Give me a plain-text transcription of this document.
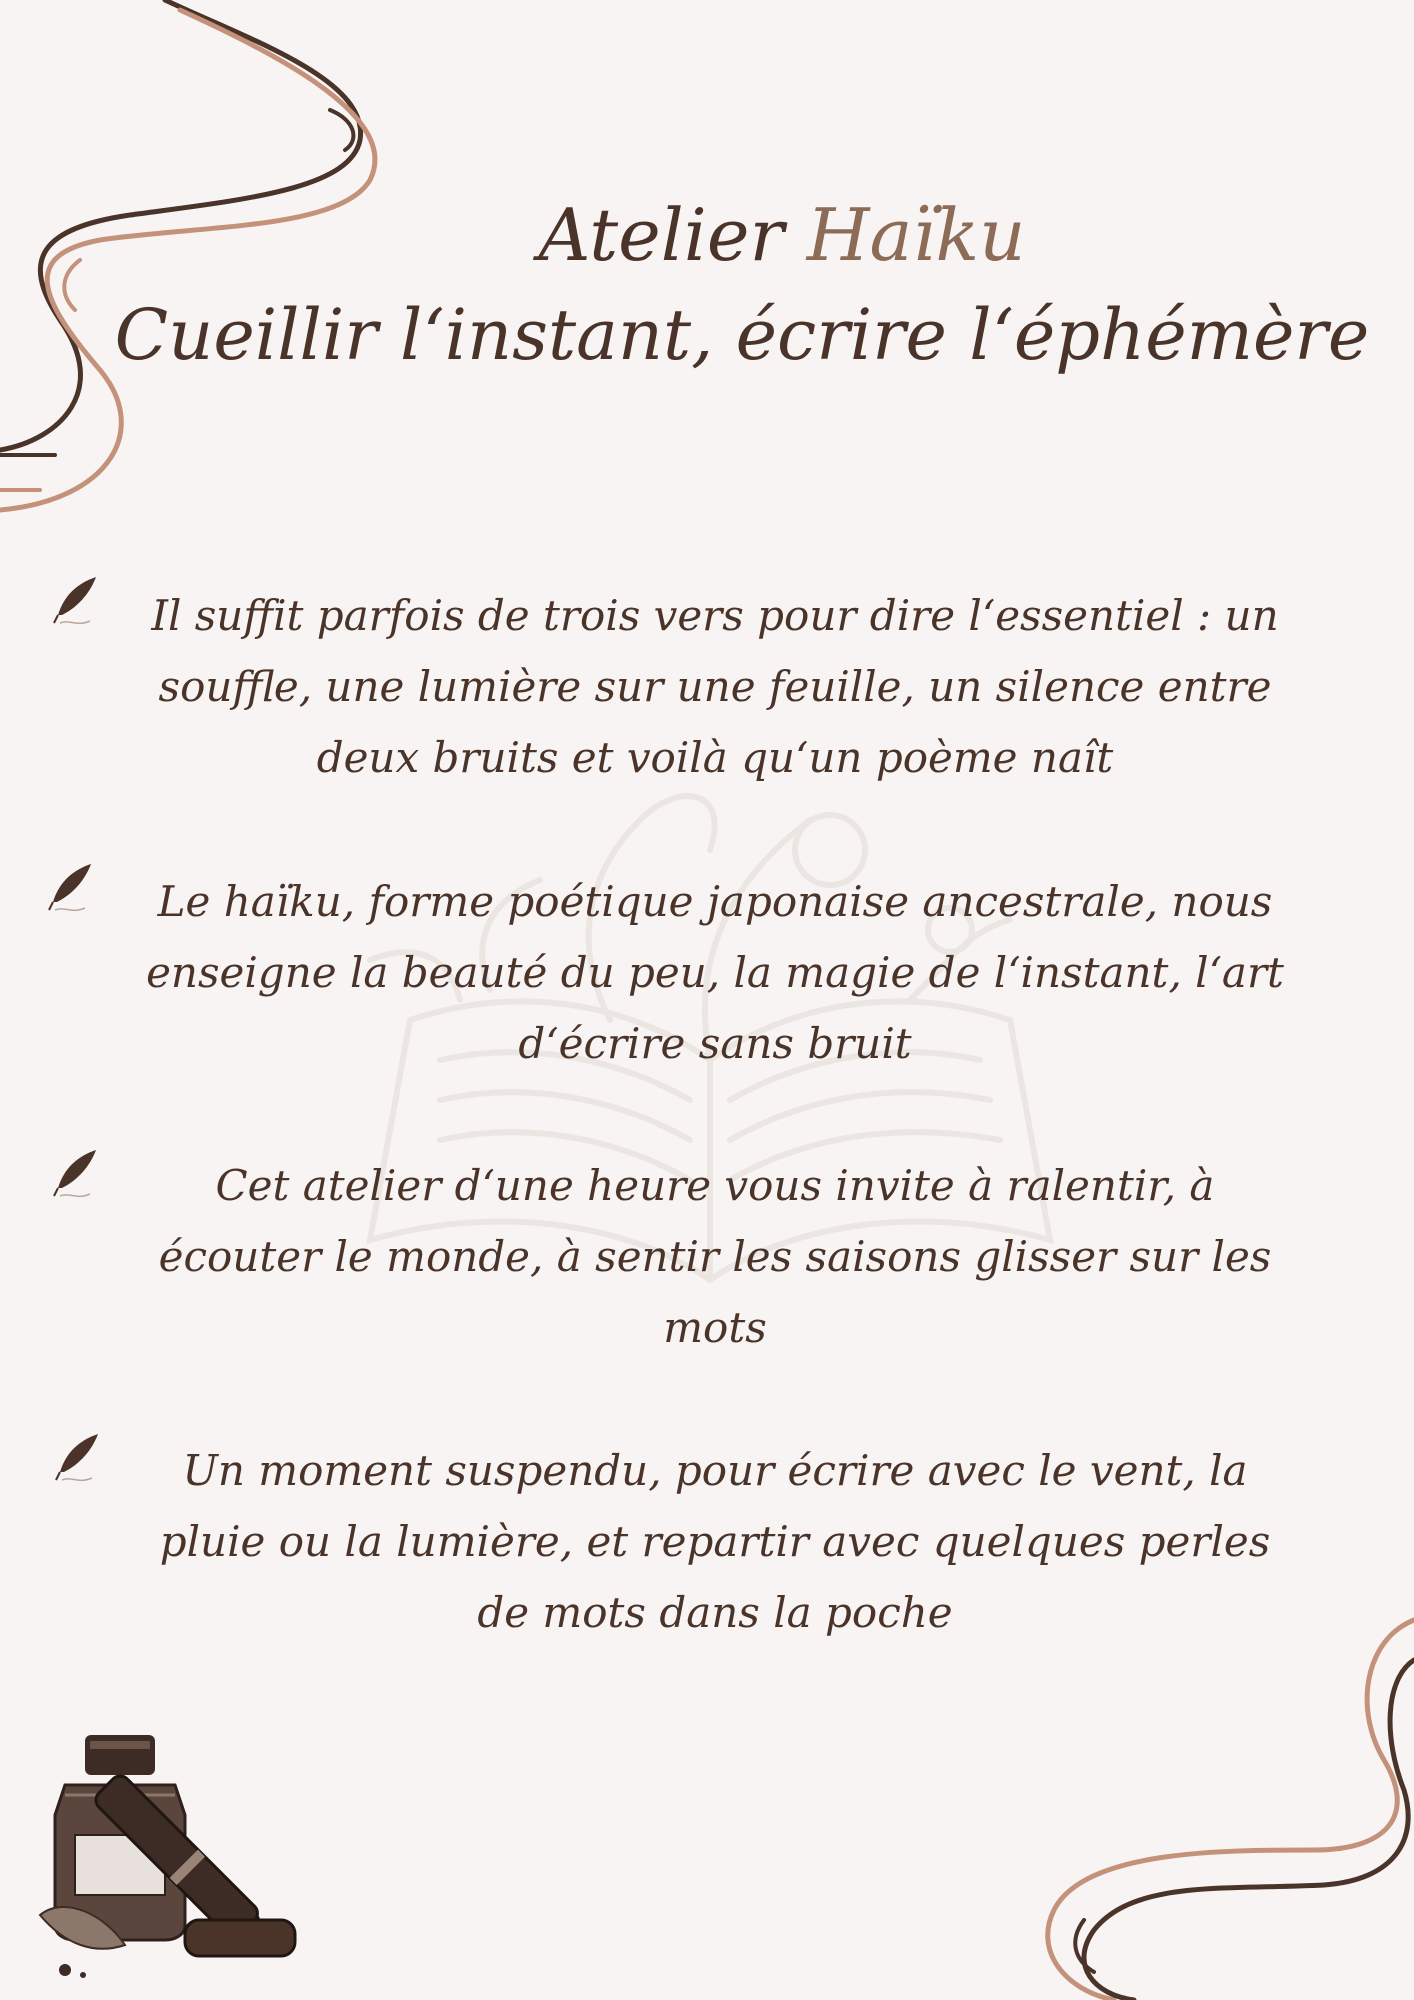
Atelier Haïku
Cueillir l‘instant, écrire l‘éphémère
Il suffit parfois de trois vers pour dire l‘essentiel : un souffle, une lumière sur une feuille, un silence entre deux bruits et voilà qu‘un poème naît
Le haïku, forme poétique japonaise ancestrale, nous enseigne la beauté du peu, la magie de l‘instant, l‘art d‘écrire sans bruit
Cet atelier d‘une heure vous invite à ralentir, à écouter le monde, à sentir les saisons glisser sur les mots
Un moment suspendu, pour écrire avec le vent, la pluie ou la lumière, et repartir avec quelques perles de mots dans la poche
